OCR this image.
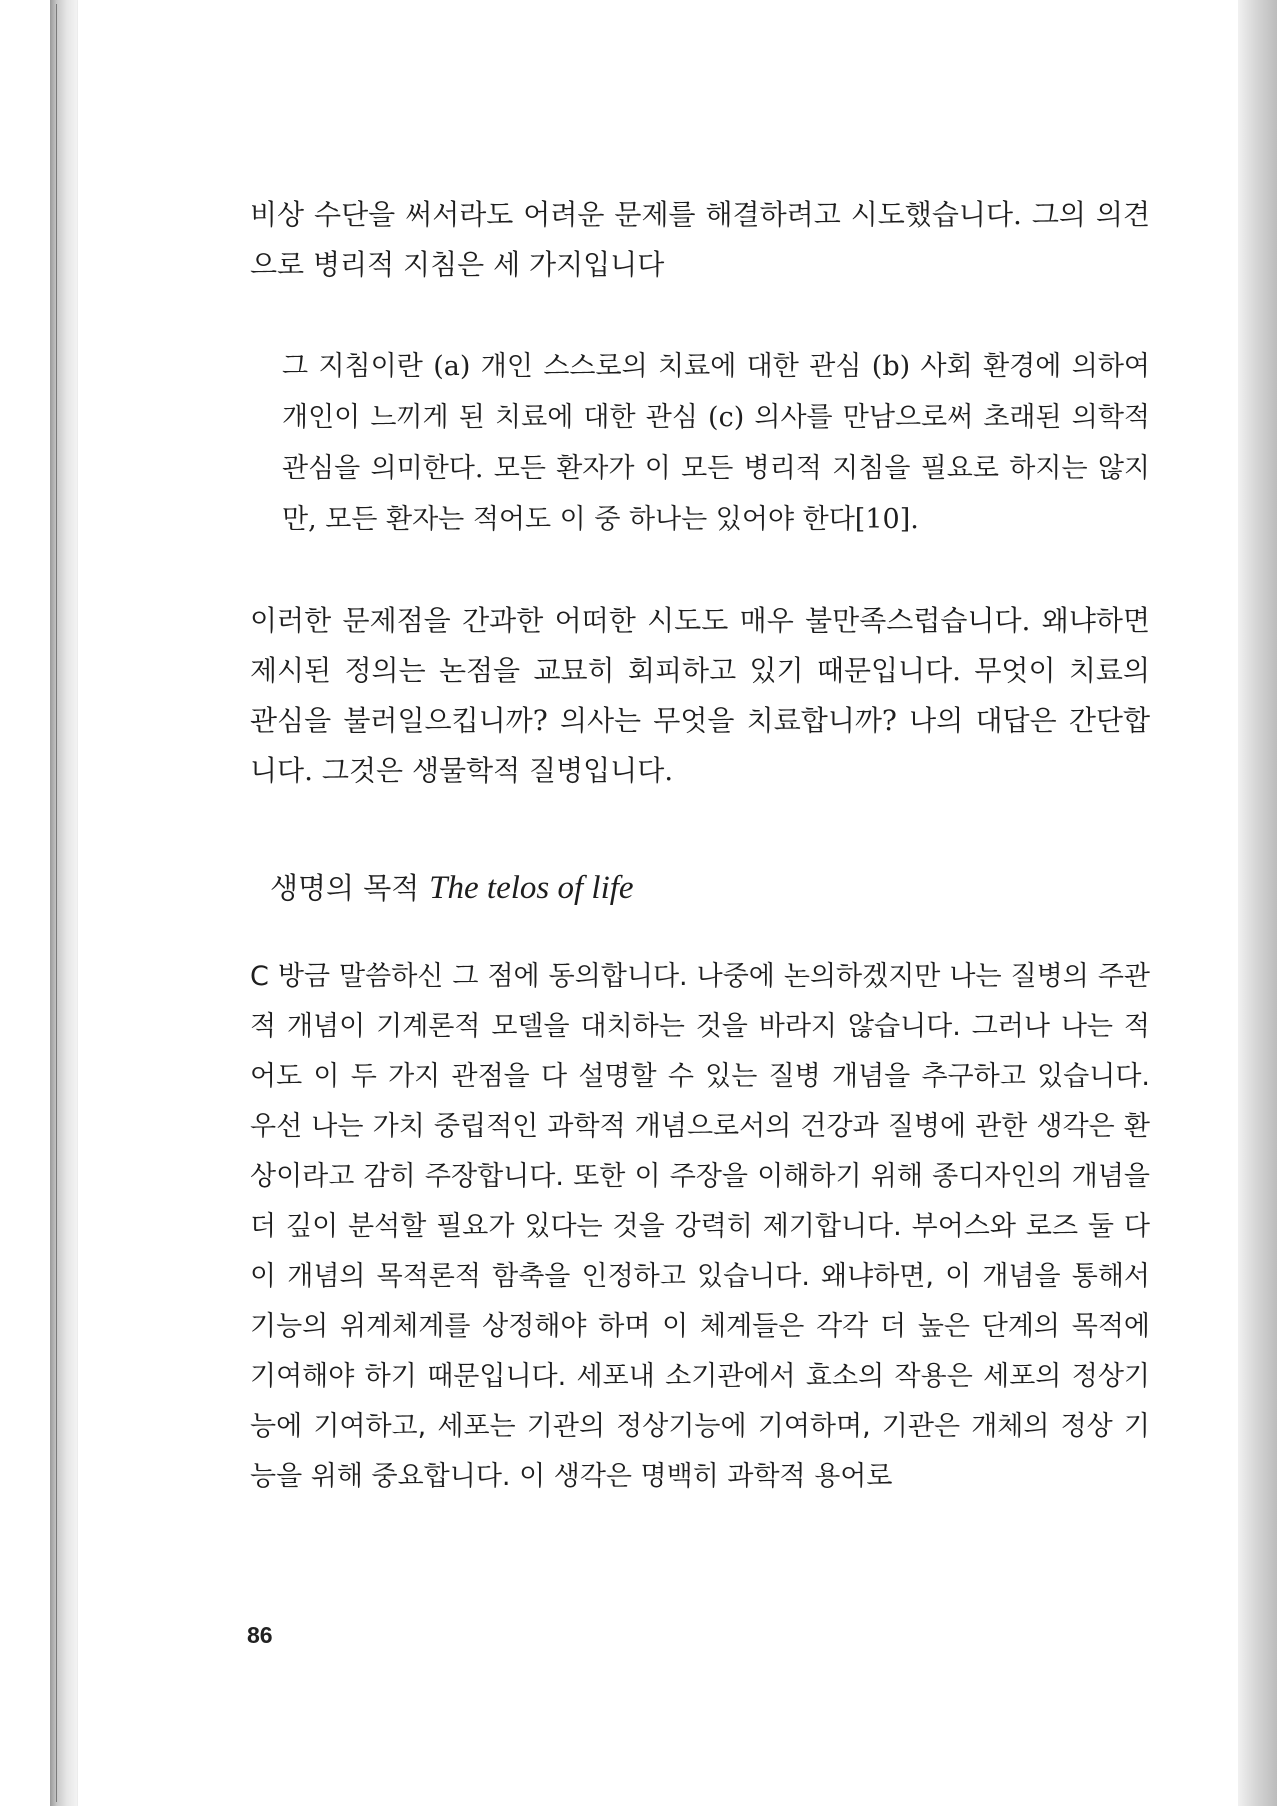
비상 수단을 써서라도 어려운 문제를 해결하려고 시도했습니다. 그의 의견으로 병리적 지침은 세 가지입니다

그 지침이란 (a) 개인 스스로의 치료에 대한 관심 (b) 사회 환경에 의하여 개인이 느끼게 된 치료에 대한 관심 (c) 의사를 만남으로써 초래된 의학적 관심을 의미한다. 모든 환자가 이 모든 병리적 지침을 필요로 하지는 않지만, 모든 환자는 적어도 이 중 하나는 있어야 한다[10].

이러한 문제점을 간과한 어떠한 시도도 매우 불만족스럽습니다. 왜냐하면 제시된 정의는 논점을 교묘히 회피하고 있기 때문입니다. 무엇이 치료의 관심을 불러일으킵니까? 의사는 무엇을 치료합니까? 나의 대답은 간단합니다. 그것은 생물학적 질병입니다.

생명의 목적 The telos of life

C 방금 말씀하신 그 점에 동의합니다. 나중에 논의하겠지만 나는 질병의 주관적 개념이 기계론적 모델을 대치하는 것을 바라지 않습니다. 그러나 나는 적어도 이 두 가지 관점을 다 설명할 수 있는 질병 개념을 추구하고 있습니다. 우선 나는 가치 중립적인 과학적 개념으로서의 건강과 질병에 관한 생각은 환상이라고 감히 주장합니다. 또한 이 주장을 이해하기 위해 종디자인의 개념을 더 깊이 분석할 필요가 있다는 것을 강력히 제기합니다. 부어스와 로즈 둘 다 이 개념의 목적론적 함축을 인정하고 있습니다. 왜냐하면, 이 개념을 통해서 기능의 위계체계를 상정해야 하며 이 체계들은 각각 더 높은 단계의 목적에 기여해야 하기 때문입니다. 세포내 소기관에서 효소의 작용은 세포의 정상기능에 기여하고, 세포는 기관의 정상기능에 기여하며, 기관은 개체의 정상 기능을 위해 중요합니다. 이 생각은 명백히 과학적 용어로

86
